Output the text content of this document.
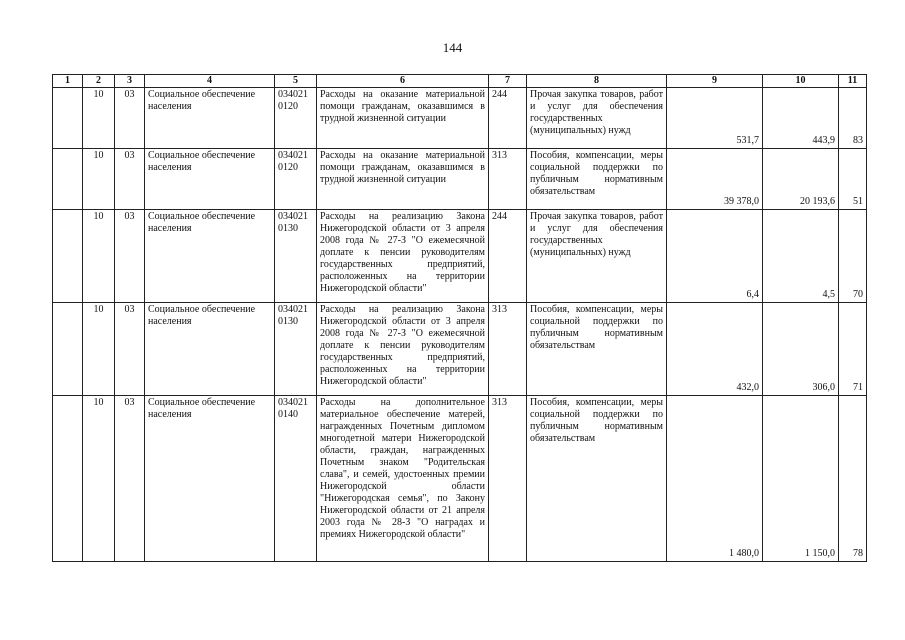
144
1	2	3	4	5	6	7	8	9	10	11
	10	03	Социальное обеспечение населения	034021 0120	Расходы на оказание материальной помощи гражданам, оказавшимся в трудной жизненной ситуации	244	Прочая закупка товаров, работ и услуг для обеспечения государственных (муниципальных) нужд	531,7	443,9	83
	10	03	Социальное обеспечение населения	034021 0120	Расходы на оказание материальной помощи гражданам, оказавшимся в трудной жизненной ситуации	313	Пособия, компенсации, меры социальной поддержки по публичным нормативным обязательствам	39 378,0	20 193,6	51
	10	03	Социальное обеспечение населения	034021 0130	Расходы на реализацию Закона Нижегородской области от 3 апреля 2008 года № 27-З "О ежемесячной доплате к пенсии руководителям государственных предприятий, расположенных на территории Нижегородской области"	244	Прочая закупка товаров, работ и услуг для обеспечения государственных (муниципальных) нужд	6,4	4,5	70
	10	03	Социальное обеспечение населения	034021 0130	Расходы на реализацию Закона Нижегородской области от 3 апреля 2008 года № 27-З "О ежемесячной доплате к пенсии руководителям государственных предприятий, расположенных на территории Нижегородской области"	313	Пособия, компенсации, меры социальной поддержки по публичным нормативным обязательствам	432,0	306,0	71
	10	03	Социальное обеспечение населения	034021 0140	Расходы на дополнительное материальное обеспечение матерей, награжденных Почетным дипломом многодетной матери Нижегородской области, граждан, награжденных Почетным знаком "Родительская слава", и семей, удостоенных премии Нижегородской области "Нижегородская семья", по Закону Нижегородской области от 21 апреля 2003 года № 28-З "О наградах и премиях Нижегородской области"	313	Пособия, компенсации, меры социальной поддержки по публичным нормативным обязательствам	1 480,0	1 150,0	78
